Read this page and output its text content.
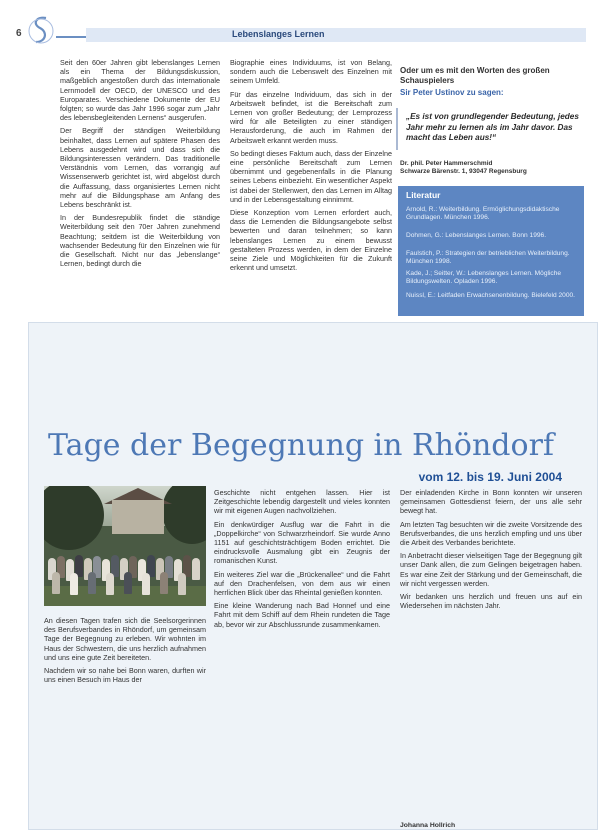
6	Lebenslanges Lernen

Seit den 60er Jahren gibt lebenslanges Lernen als ein Thema der Bildungsdiskussion, maßgeblich angestoßen durch das internationale Lernmodell der OECD, der UNESCO und des Europarates. Verschiedene Dokumente der EU folgten; so wurde das Jahr 1996 sogar zum „Jahr des lebensbegleitenden Lernens“ ausgerufen.

Der Begriff der ständigen Weiterbildung beinhaltet, dass Lernen auf spätere Phasen des Lebens ausgedehnt wird und dass sich die Bildungsinteressen verändern. Das traditionelle Verständnis vom Lernen, das vorrangig auf Wissenserwerb gerichtet ist, wird abgelöst durch die Auffassung, dass organisiertes Lernen nicht mehr auf die Bildungsphase am Anfang des Lebens beschränkt ist.

In der Bundesrepublik findet die ständige Weiterbildung seit den 70er Jahren zunehmend Beachtung; seitdem ist die Weiterbildung von wachsender Bedeutung für den Einzelnen wie für die Gesellschaft. Nicht nur das „lebenslange“ Lernen, bedingt durch die

Biographie eines Individuums, ist von Belang, sondern auch die Lebenswelt des Einzelnen mit seinem Umfeld.

Für das einzelne Individuum, das sich in der Arbeitswelt befindet, ist die Bereitschaft zum Lernen von großer Bedeutung; der Lernprozess wird für alle Beteiligten zu einer ständigen Herausforderung, die auch im Rahmen der Arbeitswelt erkannt werden muss.

So bedingt dieses Faktum auch, dass der Einzelne eine persönliche Bereitschaft zum Lernen übernimmt und gegebenenfalls in die Planung seines Lebens einbezieht. Ein wesentlicher Aspekt ist dabei der Stellenwert, den das Lernen im Alltag und in der Lebensgestaltung einnimmt.

Diese Konzeption vom Lernen erfordert auch, dass die Lernenden die Bildungsangebote selbst bewerten und daran teilnehmen; so kann lebenslanges Lernen zu einem bewusst gestalteten Prozess werden, in dem der Einzelne seine Ziele und Möglichkeiten für die Zukunft erkennt und umsetzt.

Oder um es mit den Worten des großen Schauspielers
Sir Peter Ustinov zu sagen:
„Es ist von grundlegender Bedeutung, jedes Jahr mehr zu lernen als im Jahr davor. Das macht das Leben aus!“
Dr. phil. Peter Hammerschmid
Schwarze Bärenstr. 1, 93047 Regensburg
Literatur
Arnold, R.: Weiterbildung. Ermöglichungsdidaktische Grundlagen. München 1996.
Dohmen, G.: Lebenslanges Lernen. Bonn 1996.
Faulstich, P.: Strategien der betrieblichen Weiterbildung. München 1998.
Kade, J.; Seitter, W.: Lebenslanges Lernen. Mögliche Bildungswelten. Opladen 1996.
Nuissl, E.: Leitfaden Erwachsenenbildung. Bielefeld 2000.
Tage der Begegnung in Rhöndorf
vom 12. bis 19. Juni 2004

An diesen Tagen trafen sich die Seelsorgerinnen des Berufsverbandes in Rhöndorf, um gemeinsam Tage der Begegnung zu erleben. Wir wohnten im Haus der Schwestern, die uns herzlich aufnahmen und uns eine gute Zeit bereiteten.

Nachdem wir so nahe bei Bonn waren, durften wir uns einen Besuch im Haus der

Geschichte nicht entgehen lassen. Hier ist Zeitgeschichte lebendig dargestellt und vieles konnten wir mit eigenen Augen nachvollziehen.

Ein denkwürdiger Ausflug war die Fahrt in die „Doppelkirche“ von Schwarzrheindorf. Sie wurde Anno 1151 auf geschichtsträchtigem Boden errichtet. Die eindrucksvolle Ausmalung gibt ein Zeugnis der romanischen Kunst.

Ein weiteres Ziel war die „Brückenallee“ und die Fahrt auf den Drachenfelsen, von dem aus wir einen herrlichen Blick über das Rheintal genießen konnten.

Eine kleine Wanderung nach Bad Honnef und eine Fahrt mit dem Schiff auf dem Rhein rundeten die Tage ab, bevor wir zur Abschlussrunde zusammenkamen.

Der einladenden Kirche in Bonn konnten wir unseren gemeinsamen Gottesdienst feiern, der uns alle sehr bewegt hat.

Am letzten Tag besuchten wir die zweite Vorsitzende des Berufsverbandes, die uns herzlich empfing und uns über die Arbeit des Verbandes berichtete.

In Anbetracht dieser vielseitigen Tage der Begegnung gilt unser Dank allen, die zum Gelingen beigetragen haben. Es war eine Zeit der Stärkung und der Gemeinschaft, die wir nicht vergessen werden.

Wir bedanken uns herzlich und freuen uns auf ein Wiedersehen im nächsten Jahr.

Johanna Hollrich
